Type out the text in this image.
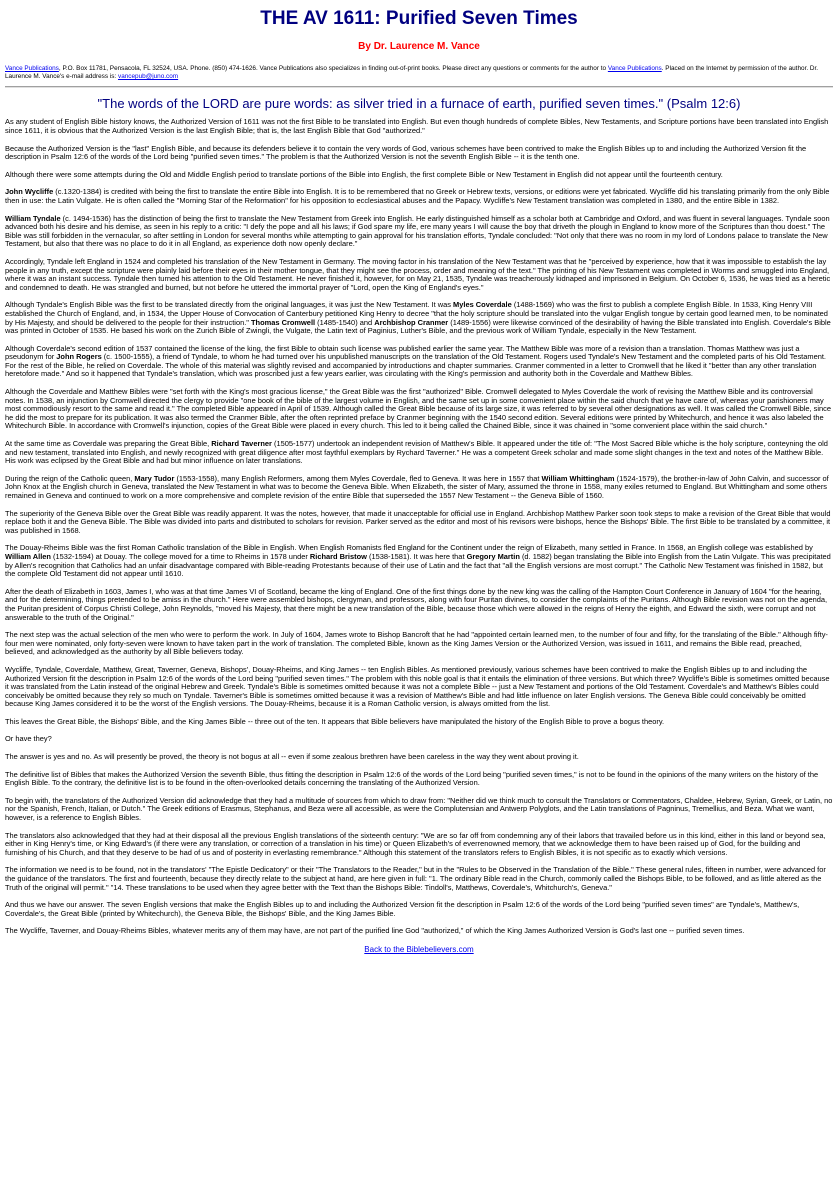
THE AV 1611: Purified Seven Times
By Dr. Laurence M. Vance
Vance Publications, P.O. Box 11781, Pensacola, FL 32524, USA. Phone. (850) 474-1626. Vance Publications also specializes in finding out-of-print books. Please direct any questions or comments for the author to Vance Publications. Placed on the Internet by permission of the author. Dr. Laurence M. Vance's e-mail address is: vancepub@juno.com
"The words of the LORD are pure words: as silver tried in a furnace of earth, purified seven times." (Psalm 12:6)

As any student of English Bible history knows, the Authorized Version of 1611 was not the first Bible to be translated into English. But even though hundreds of complete Bibles, New Testaments, and Scripture portions have been translated into English since 1611, it is obvious that the Authorized Version is the last English Bible; that is, the last English Bible that God "authorized."

Because the Authorized Version is the "last" English Bible, and because its defenders believe it to contain the very words of God, various schemes have been contrived to make the English Bibles up to and including the Authorized Version fit the description in Psalm 12:6 of the words of the Lord being "purified seven times." The problem is that the Authorized Version is not the seventh English Bible -- it is the tenth one.

Although there were some attempts during the Old and Middle English period to translate portions of the Bible into English, the first complete Bible or New Testament in English did not appear until the fourteenth century.

John Wycliffe (c.1320-1384) is credited with being the first to translate the entire Bible into English. It is to be remembered that no Greek or Hebrew texts, versions, or editions were yet fabricated. Wycliffe did his translating primarily from the only Bible then in use: the Latin Vulgate. He is often called the "Morning Star of the Reformation" for his opposition to ecclesiastical abuses and the Papacy. Wycliffe's New Testament translation was completed in 1380, and the entire Bible in 1382.

William Tyndale (c. 1494-1536) has the distinction of being the first to translate the New Testament from Greek into English. He early distinguished himself as a scholar both at Cambridge and Oxford, and was fluent in several languages. Tyndale soon advanced both his desire and his demise, as seen in his reply to a critic: "I defy the pope and all his laws; if God spare my life, ere many years I will cause the boy that driveth the plough in England to know more of the Scriptures than thou doest." The Bible was still forbidden in the vernacular, so after settling in London for several months while attempting to gain approval for his translation efforts, Tyndale concluded: "Not only that there was no room in my lord of Londons palace to translate the New Testament, but also that there was no place to do it in all England, as experience doth now openly declare."

Accordingly, Tyndale left England in 1524 and completed his translation of the New Testament in Germany. The moving factor in his translation of the New Testament was that he "perceived by experience, how that it was impossible to establish the lay people in any truth, except the scripture were plainly laid before their eyes in their mother tongue, that they might see the process, order and meaning of the text." The printing of his New Testament was completed in Worms and smuggled into England, where it was an instant success. Tyndale then turned his attention to the Old Testament. He never finished it, however, for on May 21, 1535, Tyndale was treacherously kidnaped and imprisoned in Belgium. On October 6, 1536, he was tried as a heretic and condemned to death. He was strangled and burned, but not before he uttered the immortal prayer of "Lord, open the King of England's eyes."

Although Tyndale's English Bible was the first to be translated directly from the original languages, it was just the New Testament. It was Myles Coverdale (1488-1569) who was the first to publish a complete English Bible. In 1533, King Henry VIII established the Church of England, and, in 1534, the Upper House of Convocation of Canterbury petitioned King Henry to decree "that the holy scripture should be translated into the vulgar English tongue by certain good learned men, to be nominated by His Majesty, and should be delivered to the people for their instruction." Thomas Cromwell (1485-1540) and Archbishop Cranmer (1489-1556) were likewise convinced of the desirability of having the Bible translated into English. Coverdale's Bible was printed in October of 1535. He based his work on the Zurich Bible of Zwingli, the Vulgate, the Latin text of Paginius, Luther's Bible, and the previous work of William Tyndale, especially in the New Testament.

Although Coverdale's second edition of 1537 contained the license of the king, the first Bible to obtain such license was published earlier the same year. The Matthew Bible was more of a revision than a translation. Thomas Matthew was just a pseudonym for John Rogers (c. 1500-1555), a friend of Tyndale, to whom he had turned over his unpublished manuscripts on the translation of the Old Testament. Rogers used Tyndale's New Testament and the completed parts of his Old Testament. For the rest of the Bible, he relied on Coverdale. The whole of this material was slightly revised and accompanied by introductions and chapter summaries. Cranmer commented in a letter to Cromwell that he liked it "better than any other translation heretofore made." And so it happened that Tyndale's translation, which was proscribed just a few years earlier, was circulating with the King's permission and authority both in the Coverdale and Matthew Bibles.

Although the Coverdale and Matthew Bibles were "set forth with the King's most gracious license," the Great Bible was the first "authorized" Bible. Cromwell delegated to Myles Coverdale the work of revising the Matthew Bible and its controversial notes. In 1538, an injunction by Cromwell directed the clergy to provide "one book of the bible of the largest volume in English, and the same set up in some convenient place within the said church that ye have care of, whereas your parishioners may most commodiously resort to the same and read it." The completed Bible appeared in April of 1539. Although called the Great Bible because of its large size, it was referred to by several other designations as well. It was called the Cromwell Bible, since he did the most to prepare for its publication. It was also termed the Cranmer Bible, after the often reprinted preface by Cranmer beginning with the 1540 second edition. Several editions were printed by Whitechurch, and hence it was also labeled the Whitechurch Bible. In accordance with Cromwell's injunction, copies of the Great Bible were placed in every church. This led to it being called the Chained Bible, since it was chained in "some convenient place within the said church."

At the same time as Coverdale was preparing the Great Bible, Richard Taverner (1505-1577) undertook an independent revision of Matthew's Bible. It appeared under the title of: "The Most Sacred Bible whiche is the holy scripture, conteyning the old and new testament, translated into English, and newly recognized with great diligence after most faythful exemplars by Rychard Taverner." He was a competent Greek scholar and made some slight changes in the text and notes of the Matthew Bible. His work was eclipsed by the Great Bible and had but minor influence on later translations.

During the reign of the Catholic queen, Mary Tudor (1553-1558), many English Reformers, among them Myles Coverdale, fled to Geneva. It was here in 1557 that William Whittingham (1524-1579), the brother-in-law of John Calvin, and successor of John Knox at the English church in Geneva, translated the New Testament in what was to become the Geneva Bible. When Elizabeth, the sister of Mary, assumed the throne in 1558, many exiles returned to England. But Whittingham and some others remained in Geneva and continued to work on a more comprehensive and complete revision of the entire Bible that superseded the 1557 New Testament -- the Geneva Bible of 1560.

The superiority of the Geneva Bible over the Great Bible was readily apparent. It was the notes, however, that made it unacceptable for official use in England. Archbishop Matthew Parker soon took steps to make a revision of the Great Bible that would replace both it and the Geneva Bible. The Bible was divided into parts and distributed to scholars for revision. Parker served as the editor and most of his revisors were bishops, hence the Bishops' Bible. The first Bible to be translated by a committee, it was published in 1568.

The Douay-Rheims Bible was the first Roman Catholic translation of the Bible in English. When English Romanists fled England for the Continent under the reign of Elizabeth, many settled in France. In 1568, an English college was established by William Allen (1532-1594) at Douay. The college moved for a time to Rheims in 1578 under Richard Bristow (1538-1581). It was here that Gregory Martin (d. 1582) began translating the Bible into English from the Latin Vulgate. This was precipitated by Allen's recognition that Catholics had an unfair disadvantage compared with Bible-reading Protestants because of their use of Latin and the fact that "all the English versions are most corrupt." The Catholic New Testament was finished in 1582, but the complete Old Testament did not appear until 1610.

After the death of Elizabeth in 1603, James I, who was at that time James VI of Scotland, became the king of England. One of the first things done by the new king was the calling of the Hampton Court Conference in January of 1604 "for the hearing, and for the determining, things pretended to be amiss in the church." Here were assembled bishops, clergyman, and professors, along with four Puritan divines, to consider the complaints of the Puritans. Although Bible revision was not on the agenda, the Puritan president of Corpus Christi College, John Reynolds, "moved his Majesty, that there might be a new translation of the Bible, because those which were allowed in the reigns of Henry the eighth, and Edward the sixth, were corrupt and not answerable to the truth of the Original."

The next step was the actual selection of the men who were to perform the work. In July of 1604, James wrote to Bishop Bancroft that he had "appointed certain learned men, to the number of four and fifty, for the translating of the Bible." Although fifty-four men were nominated, only forty-seven were known to have taken part in the work of translation. The completed Bible, known as the King James Version or the Authorized Version, was issued in 1611, and remains the Bible read, preached, believed, and acknowledged as the authority by all Bible believers today.

Wycliffe, Tyndale, Coverdale, Matthew, Great, Taverner, Geneva, Bishops', Douay-Rheims, and King James -- ten English Bibles. As mentioned previously, various schemes have been contrived to make the English Bibles up to and including the Authorized Version fit the description in Psalm 12:6 of the words of the Lord being "purified seven times." The problem with this noble goal is that it entails the elimination of three versions. But which three? Wycliffe's Bible is sometimes omitted because it was translated from the Latin instead of the original Hebrew and Greek. Tyndale's Bible is sometimes omitted because it was not a complete Bible -- just a New Testament and portions of the Old Testament. Coverdale's and Matthew's Bibles could conceivably be omitted because they rely so much on Tyndale. Taverner's Bible is sometimes omitted because it was a revision of Matthew's Bible and had little influence on later English versions. The Geneva Bible could conceivably be omitted because King James considered it to be the worst of the English versions. The Douay-Rheims, because it is a Roman Catholic version, is always omitted from the list.

This leaves the Great Bible, the Bishops' Bible, and the King James Bible -- three out of the ten. It appears that Bible believers have manipulated the history of the English Bible to prove a bogus theory.

Or have they?

The answer is yes and no. As will presently be proved, the theory is not bogus at all -- even if some zealous brethren have been careless in the way they went about proving it.

The definitive list of Bibles that makes the Authorized Version the seventh Bible, thus fitting the description in Psalm 12:6 of the words of the Lord being "purified seven times," is not to be found in the opinions of the many writers on the history of the English Bible. To the contrary, the definitive list is to be found in the often-overlooked details concerning the translating of the Authorized Version.

To begin with, the translators of the Authorized Version did acknowledge that they had a multitude of sources from which to draw from: "Neither did we think much to consult the Translators or Commentators, Chaldee, Hebrew, Syrian, Greek, or Latin, no nor the Spanish, French, Italian, or Dutch." The Greek editions of Erasmus, Stephanus, and Beza were all accessible, as were the Complutensian and Antwerp Polyglots, and the Latin translations of Pagninus, Tremellius, and Beza. What we want, however, is a reference to English Bibles.

The translators also acknowledged that they had at their disposal all the previous English translations of the sixteenth century: "We are so far off from condemning any of their labors that travailed before us in this kind, either in this land or beyond sea, either in King Henry's time, or King Edward's (if there were any translation, or correction of a translation in his time) or Queen Elizabeth's of everrenowned memory, that we acknowledge them to have been raised up of God, for the building and furnishing of his Church, and that they deserve to be had of us and of posterity in everlasting remembrance." Although this statement of the translators refers to English Bibles, it is not specific as to exactly which versions.

The information we need is to be found, not in the translators' "The Epistle Dedicatory" or their "The Translators to the Reader," but in the "Rules to be Observed in the Translation of the Bible." These general rules, fifteen in number, were advanced for the guidance of the translators. The first and fourteenth, because they directly relate to the subject at hand, are here given in full: "1. The ordinary Bible read in the Church, commonly called the Bishops Bible, to be followed, and as little altered as the Truth of the original will permit." "14. These translations to be used when they agree better with the Text than the Bishops Bible: Tindoll's, Matthews, Coverdale's, Whitchurch's, Geneva."

And thus we have our answer. The seven English versions that make the English Bibles up to and including the Authorized Version fit the description in Psalm 12:6 of the words of the Lord being "purified seven times" are Tyndale's, Matthew's, Coverdale's, the Great Bible (printed by Whitechurch), the Geneva Bible, the Bishops' Bible, and the King James Bible.

The Wycliffe, Taverner, and Douay-Rheims Bibles, whatever merits any of them may have, are not part of the purified line God "authorized," of which the King James Authorized Version is God's last one -- purified seven times.

Back to the Biblebelievers.com
